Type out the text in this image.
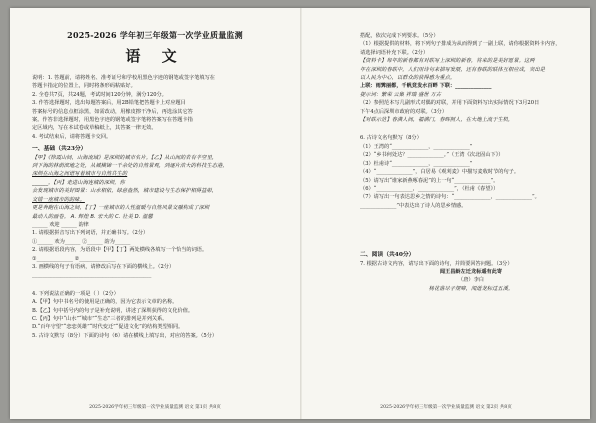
2025-2026 学年初三年级第一次学业质量监测
语 文

说明：1. 答题前，请将姓名、准考证号和学校用黑色字迹的钢笔或签字笔填写在

答题卡指定的位置上，同时将条形码粘贴好。

2. 全卷共7页，共24题，考试时间120分钟，满分120分。

3. 作答选择题时，选出每题答案后，用2B铅笔把答题卡上对应题目

答案标号的信息点框涂黑，如需改动，用橡皮擦干净后，再选涂其它答

案。作答非选择题时，用黑色字迹的钢笔或签字笔将答案写在答题卡指

定区域内，写在本试卷或草稿纸上，其答案一律无效。

4. 考试结束后，请将答题卡交回。

一、基础（共23分）

【甲】《徐霞山间，山海流域》是深圳的城市名片。【乙】从山间的若有半空里，

到下海的林荫滨地之处，从城横锦一千余处的自然景观，到逐片浩大的科技生态港，

深圳在山海之间谱写着城市与自然共生的

______。【丙】走进山海连城的深圳，你

会发现城市的美好图景：山水相依，绿意盎然，城市建设与生态保护相得益彰，

交错一座城市的韵味。

更是奔跑在山海之间，【丁】一座城市的人性温暖与自然风景交融构成了深圳

最动人的画卷。 A. 辉煌 B. 宏大的 C. 壮美 D. 温馨

______ 欢迎 ______ 韵律

1. 请根据拼音写出下列词语，并正确书写。（2分）

①______ 欢为______ ②______ 韵为______

2. 请根据语段内容，为语段中【甲】【丁】两处横线各填写一个恰当的词语。

①______________ ②______________

3. 画横线的句子有语病，请修改后写在下面的横线上。（2分）

______________________________________________

4. 下列说法正确的一项是（ ）（2分）

A.【甲】句中书名号的使用是正确的，因为它表示文章的名称。

B.【乙】句中括号内的句子是补充说明，讲述了深圳获得的文化价值。

C.【丙】句中“山水”“城市”“生态”三者的排列是并列关系。

D.“百年守望”“恋恋英雄”“时代变迁”“促进文化”的结构类型相同。

5. 古诗文默写（8分）下面的诗句（6）请在横线上填写出，对应的答案。（5分）

2025-2026学年初三年级第一次学业质量监测 语文 第1页 共8页

搭配，依次完成下列要求。（5分）

（1）根据提供的材料，将下列句子排成为从而得到了一副上联，请你根据资料卡内容，

请选择词语补充下联。（2分）

【资料卡】每年的新春都有对联写上深圳的新春，将来的是美好愿景。这两

年在深圳的春联中，人们用诗句来描写发展，还有春联的联体互相应成，突出是

以人民为中心，以群众的获得感为重点。

上联：雨霁丽都，千帆竞发水百畔 下联：______________

提示词：繁荣 云集 祥瑞 盛世 万古

（2）参照范本写几副形式对偶的对联，并用下面资料写出实际情况下3月20日

下午4点后深圳市政府的对联。（3分）

【对联示范】春满人间，福满门，春晖照人，在大地上流于生机，

6. 古诗文名句默写（8分）

（1）王湾的“______________，______________”

（2）“乡书何处达？______________。”（王湾《次北固山下》）

（3）杜甫诗“______________，______________”

（4）“______________”，白居易《观刈麦》中描写麦收时节的句子。

（5）请写出“谁家新燕啄春泥”的上一句“______________”。

（6）“______________，______________”，（杜甫《春望》）

（7）请写出一句表达思乡之情的诗句：“______________，______________”。

______________”中表达出了诗人的思乡情感。

二、阅读（共40分）

7. 根据古诗文内容，请写出下面的诗句，并简要回答问题。（3分）

闻王昌龄左迁龙标遥有此寄

（唐）李白

杨花落尽子规啼，闻道龙标过五溪。

2025-2026学年初三年级第一次学业质量监测 语文 第2页 共8页
